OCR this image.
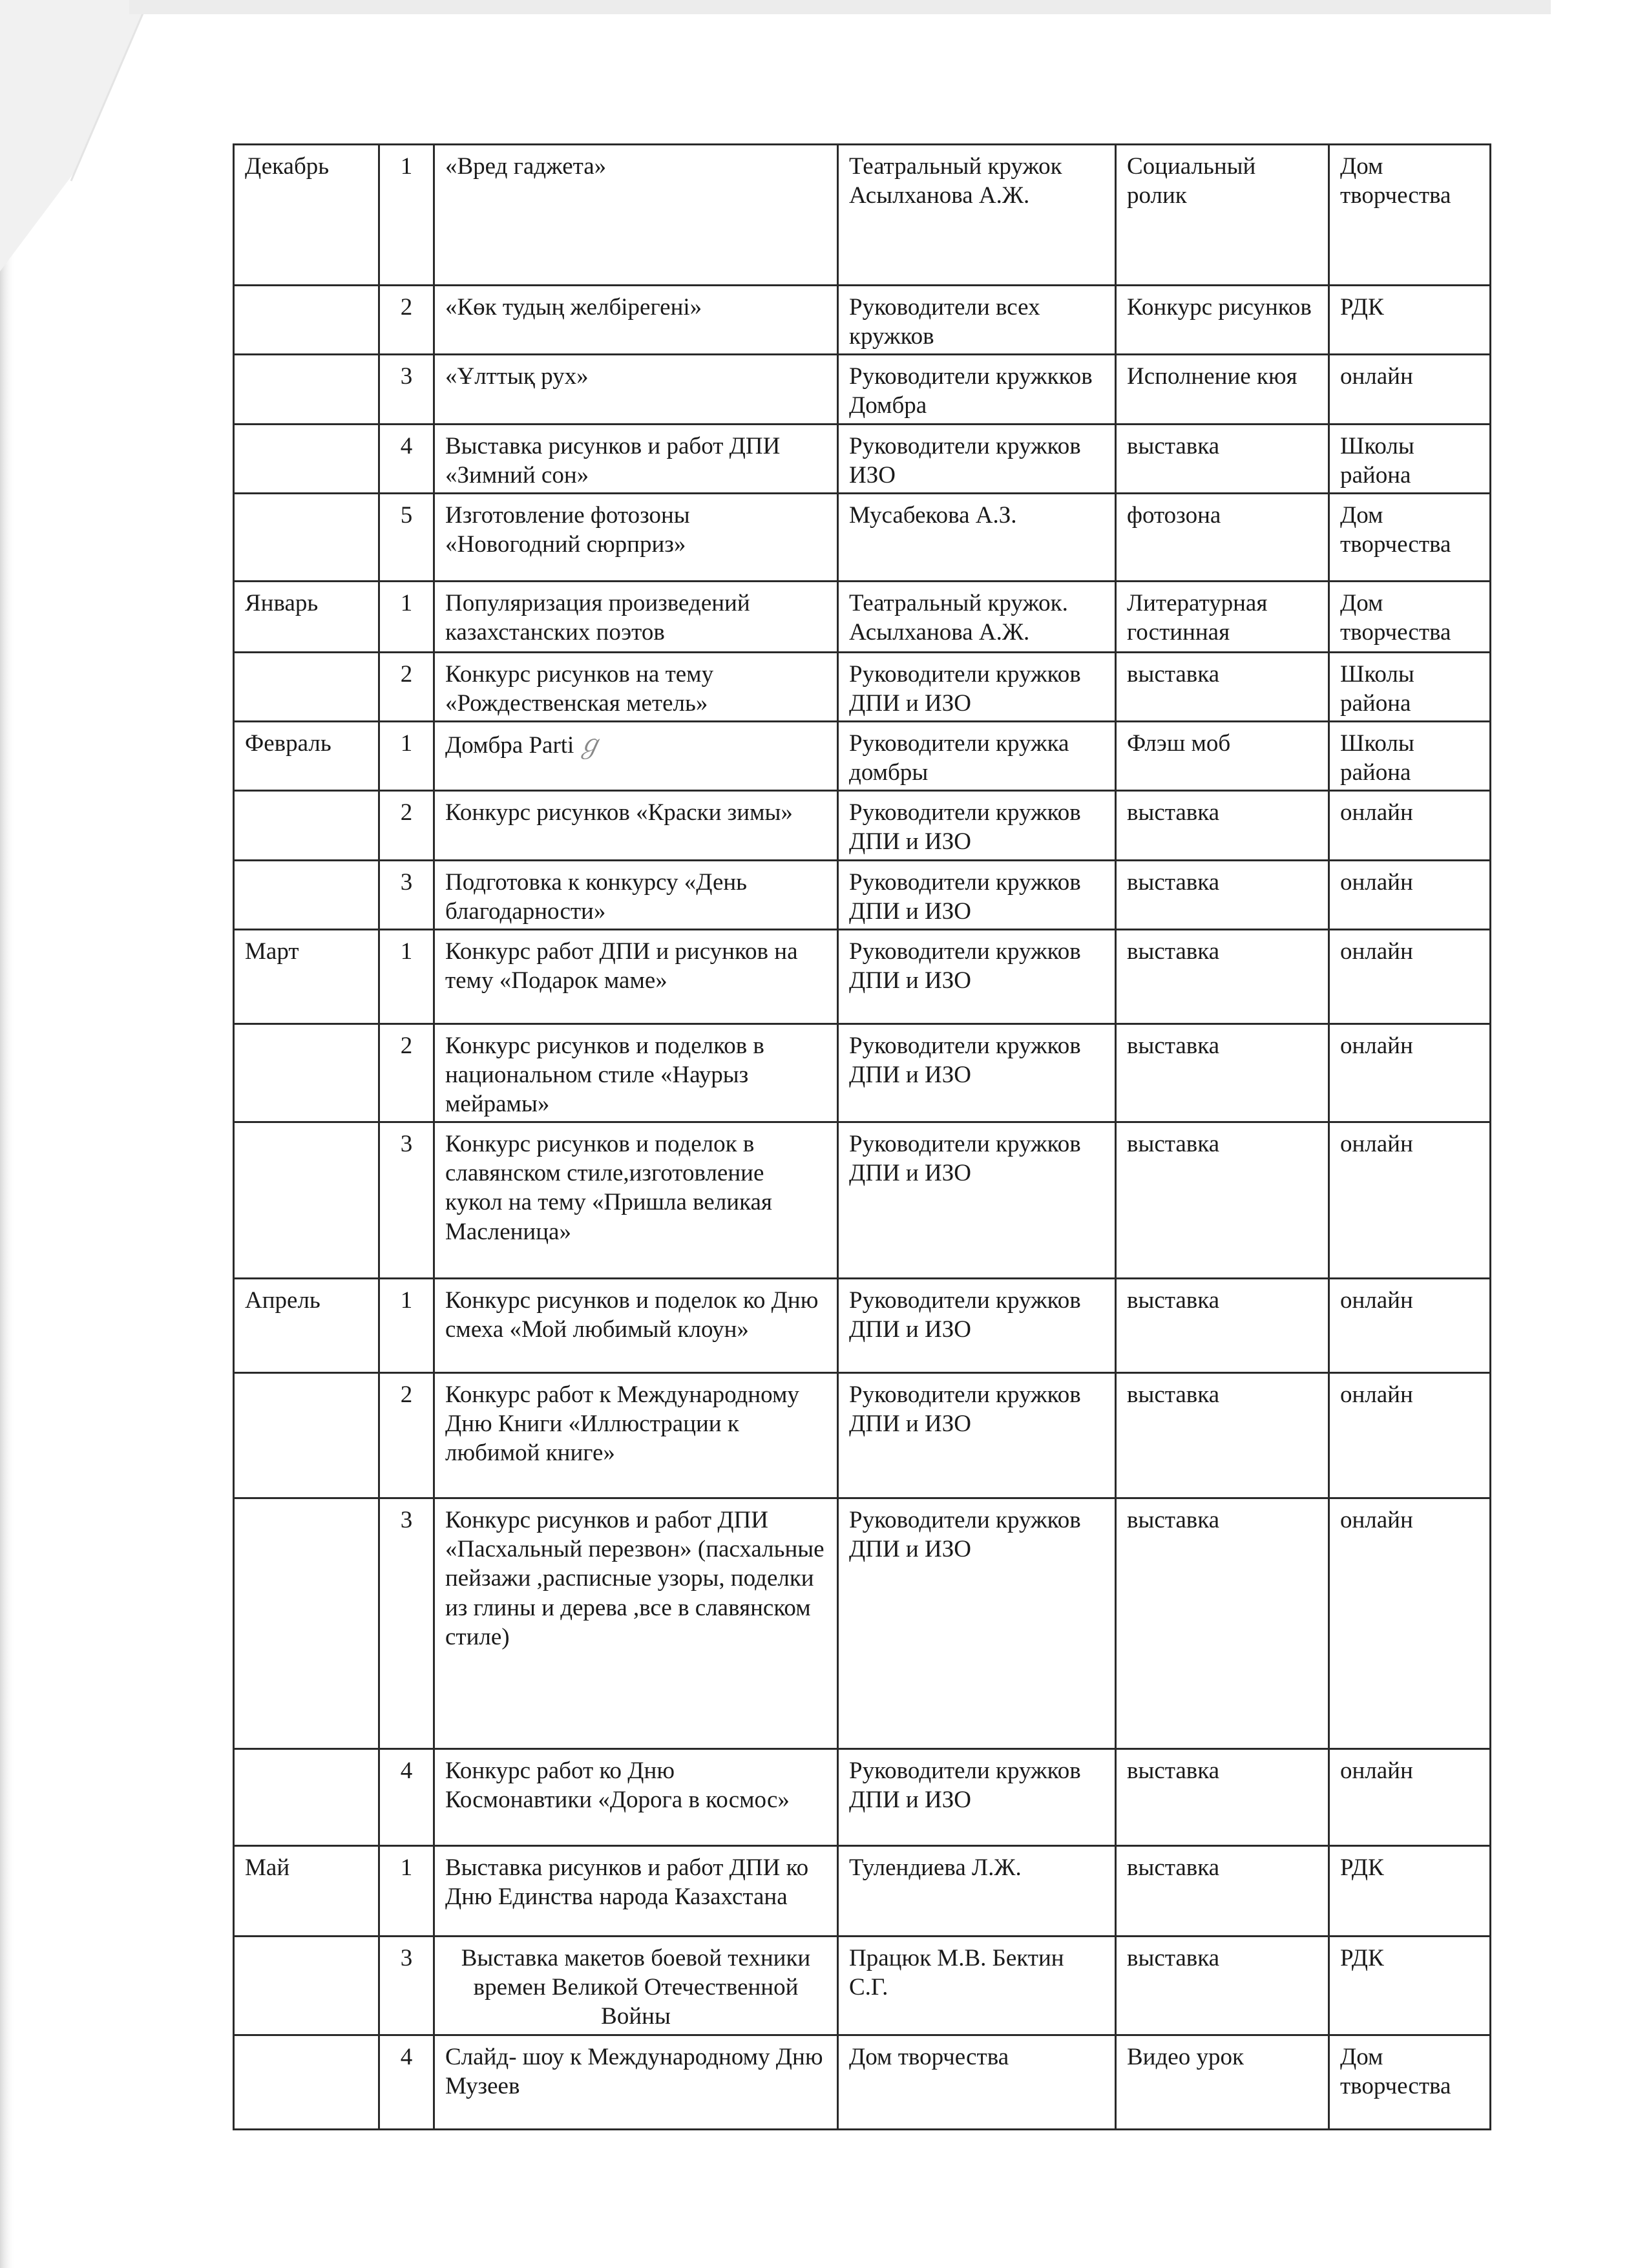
Декабрь	1	«Вред гаджета»	Театральный кружок Асылханова А.Ж.	Социальный ролик	Дом творчества
	2	«Көк тудың желбірегені»	Руководители всех кружков	Конкурс рисунков	РДК
	3	«Ұлттық рух»	Руководители кружкков Домбра	Исполнение кюя	онлайн
	4	Выставка рисунков и работ ДПИ «Зимний сон»	Руководители кружков ИЗО	выставка	Школы района
	5	Изготовление фотозоны «Новогодний сюрприз»	Мусабекова А.З.	фотозона	Дом творчества
Январь	1	Популяризация произведений казахстанских поэтов	Театральный кружок. Асылханова А.Ж.	Литературная гостинная	Дом творчества
	2	Конкурс рисунков на тему «Рождественская метель»	Руководители кружков ДПИ и ИЗО	выставка	Школы района
Февраль	1	Домбра Parti ℊ	Руководители кружка домбры	Флэш моб	Школы района
	2	Конкурс рисунков «Краски зимы»	Руководители кружков ДПИ и ИЗО	выставка	онлайн
	3	Подготовка к конкурсу «День благодарности»	Руководители кружков ДПИ и ИЗО	выставка	онлайн
Март	1	Конкурс работ ДПИ и рисунков на тему «Подарок маме»	Руководители кружков ДПИ и ИЗО	выставка	онлайн
	2	Конкурс рисунков и поделков в национальном стиле «Наурыз мейрамы»	Руководители кружков ДПИ и ИЗО	выставка	онлайн
	3	Конкурс рисунков и поделок в славянском стиле,изготовление кукол на тему «Пришла великая Масленица»	Руководители кружков ДПИ и ИЗО	выставка	онлайн
Апрель	1	Конкурс рисунков и поделок ко Дню смеха «Мой любимый клоун»	Руководители кружков ДПИ и ИЗО	выставка	онлайн
	2	Конкурс работ к Международному Дню Книги «Иллюстрации к любимой книге»	Руководители кружков ДПИ и ИЗО	выставка	онлайн
	3	Конкурс рисунков и работ ДПИ «Пасхальный перезвон» (пасхальные пейзажи ,расписные узоры, поделки из глины и дерева ,все в славянском стиле)	Руководители кружков ДПИ и ИЗО	выставка	онлайн
	4	Конкурс работ ко Дню Космонавтики «Дорога в космос»	Руководители кружков ДПИ и ИЗО	выставка	онлайн
Май	1	Выставка рисунков и работ ДПИ ко Дню Единства народа Казахстана	Тулендиева Л.Ж.	выставка	РДК
	3	Выставка макетов боевой техники времен Великой Отечественной Войны	Працюк М.В. Бектин С.Г.	выставка	РДК
	4	Слайд- шоу к Международному Дню Музеев	Дом творчества	Видео урок	Дом творчества
